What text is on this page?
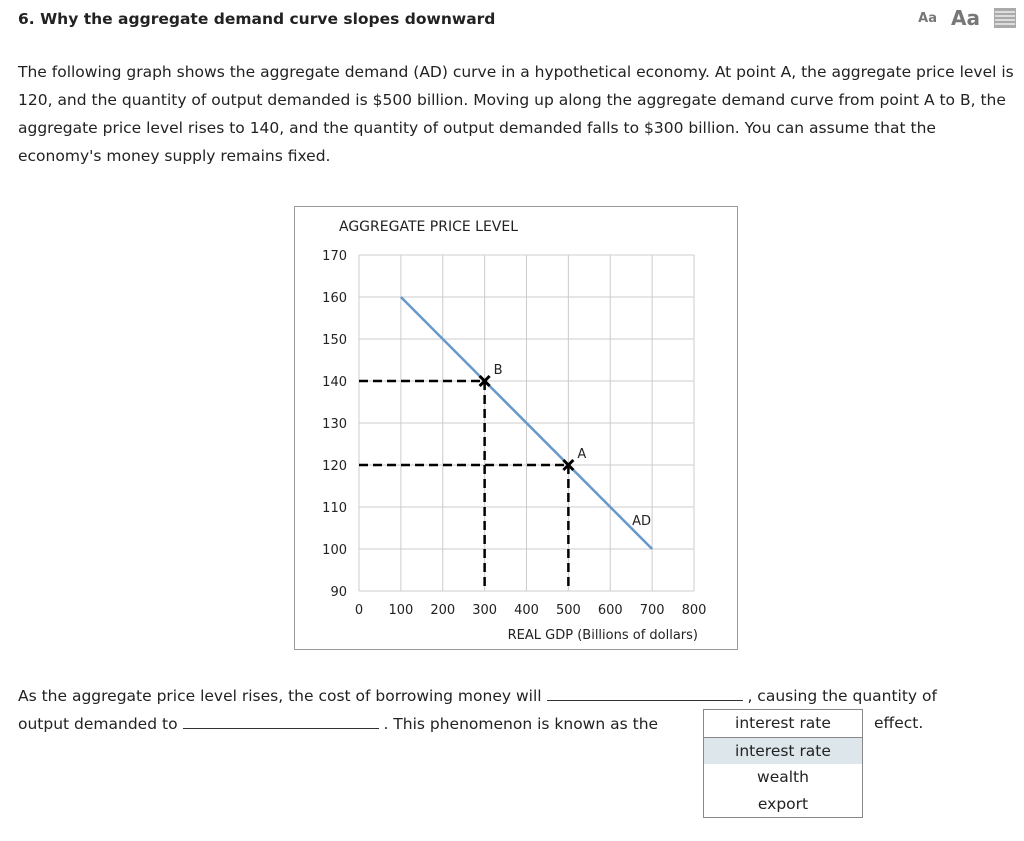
6. Why the aggregate demand curve slopes downward	Aa Aa
The following graph shows the aggregate demand (AD) curve in a hypothetical economy. At point A, the aggregate price level is 120, and the quantity of output demanded is $500 billion. Moving up along the aggregate demand curve from point A to B, the aggregate price level rises to 140, and the quantity of output demanded falls to $300 billion. You can assume that the economy's money supply remains fixed.
AGGREGATE PRICE LEVEL
REAL GDP (Billions of dollars)
0 100 200 300 400 500 600 700 800
90
100
110
120
130
140
150
160
170
AD
A
B
As the aggregate price level rises, the cost of borrowing money will	, causing the quantity of
output demanded to	. This phenomenon is known as the	effect.
interest rate
interest rate
wealth
export
